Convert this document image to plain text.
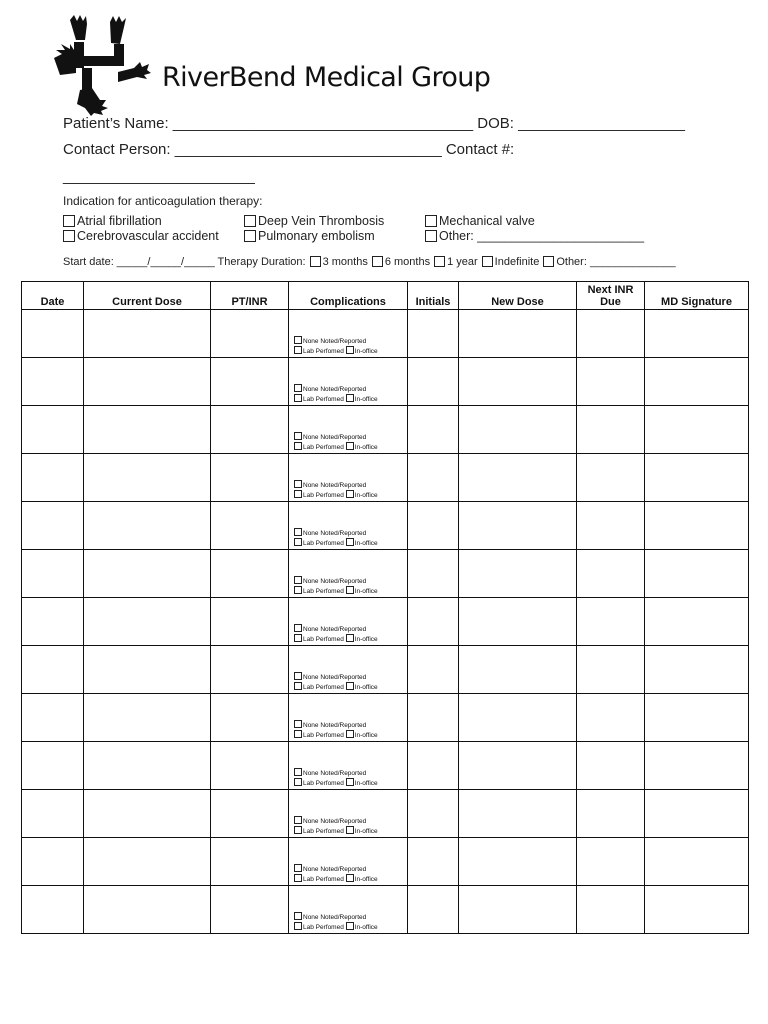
RiverBend Medical Group
Patient’s Name: ____________________________________ DOB: ____________________
Contact Person: ________________________________ Contact #:
_______________________
Indication for anticoagulation therapy:
Atrial fibrillation	Deep Vein Thrombosis	Mechanical valve
Cerebrovascular accident	Pulmonary embolism	Other: ________________________
Start date: _____/_____/_____ Therapy Duration: 3 months 6 months 1 year Indefinite Other: ______________
Date	Current Dose	PT/INR	Complications	Initials	New Dose	Next INR Due	MD Signature

			None Noted/Reported
Lab Perfomed In-office				

			None Noted/Reported
Lab Perfomed In-office				

			None Noted/Reported
Lab Perfomed In-office				

			None Noted/Reported
Lab Perfomed In-office				

			None Noted/Reported
Lab Perfomed In-office				

			None Noted/Reported
Lab Perfomed In-office				

			None Noted/Reported
Lab Perfomed In-office				

			None Noted/Reported
Lab Perfomed In-office				

			None Noted/Reported
Lab Perfomed In-office				

			None Noted/Reported
Lab Perfomed In-office				

			None Noted/Reported
Lab Perfomed In-office				

			None Noted/Reported
Lab Perfomed In-office				

			None Noted/Reported
Lab Perfomed In-office				
